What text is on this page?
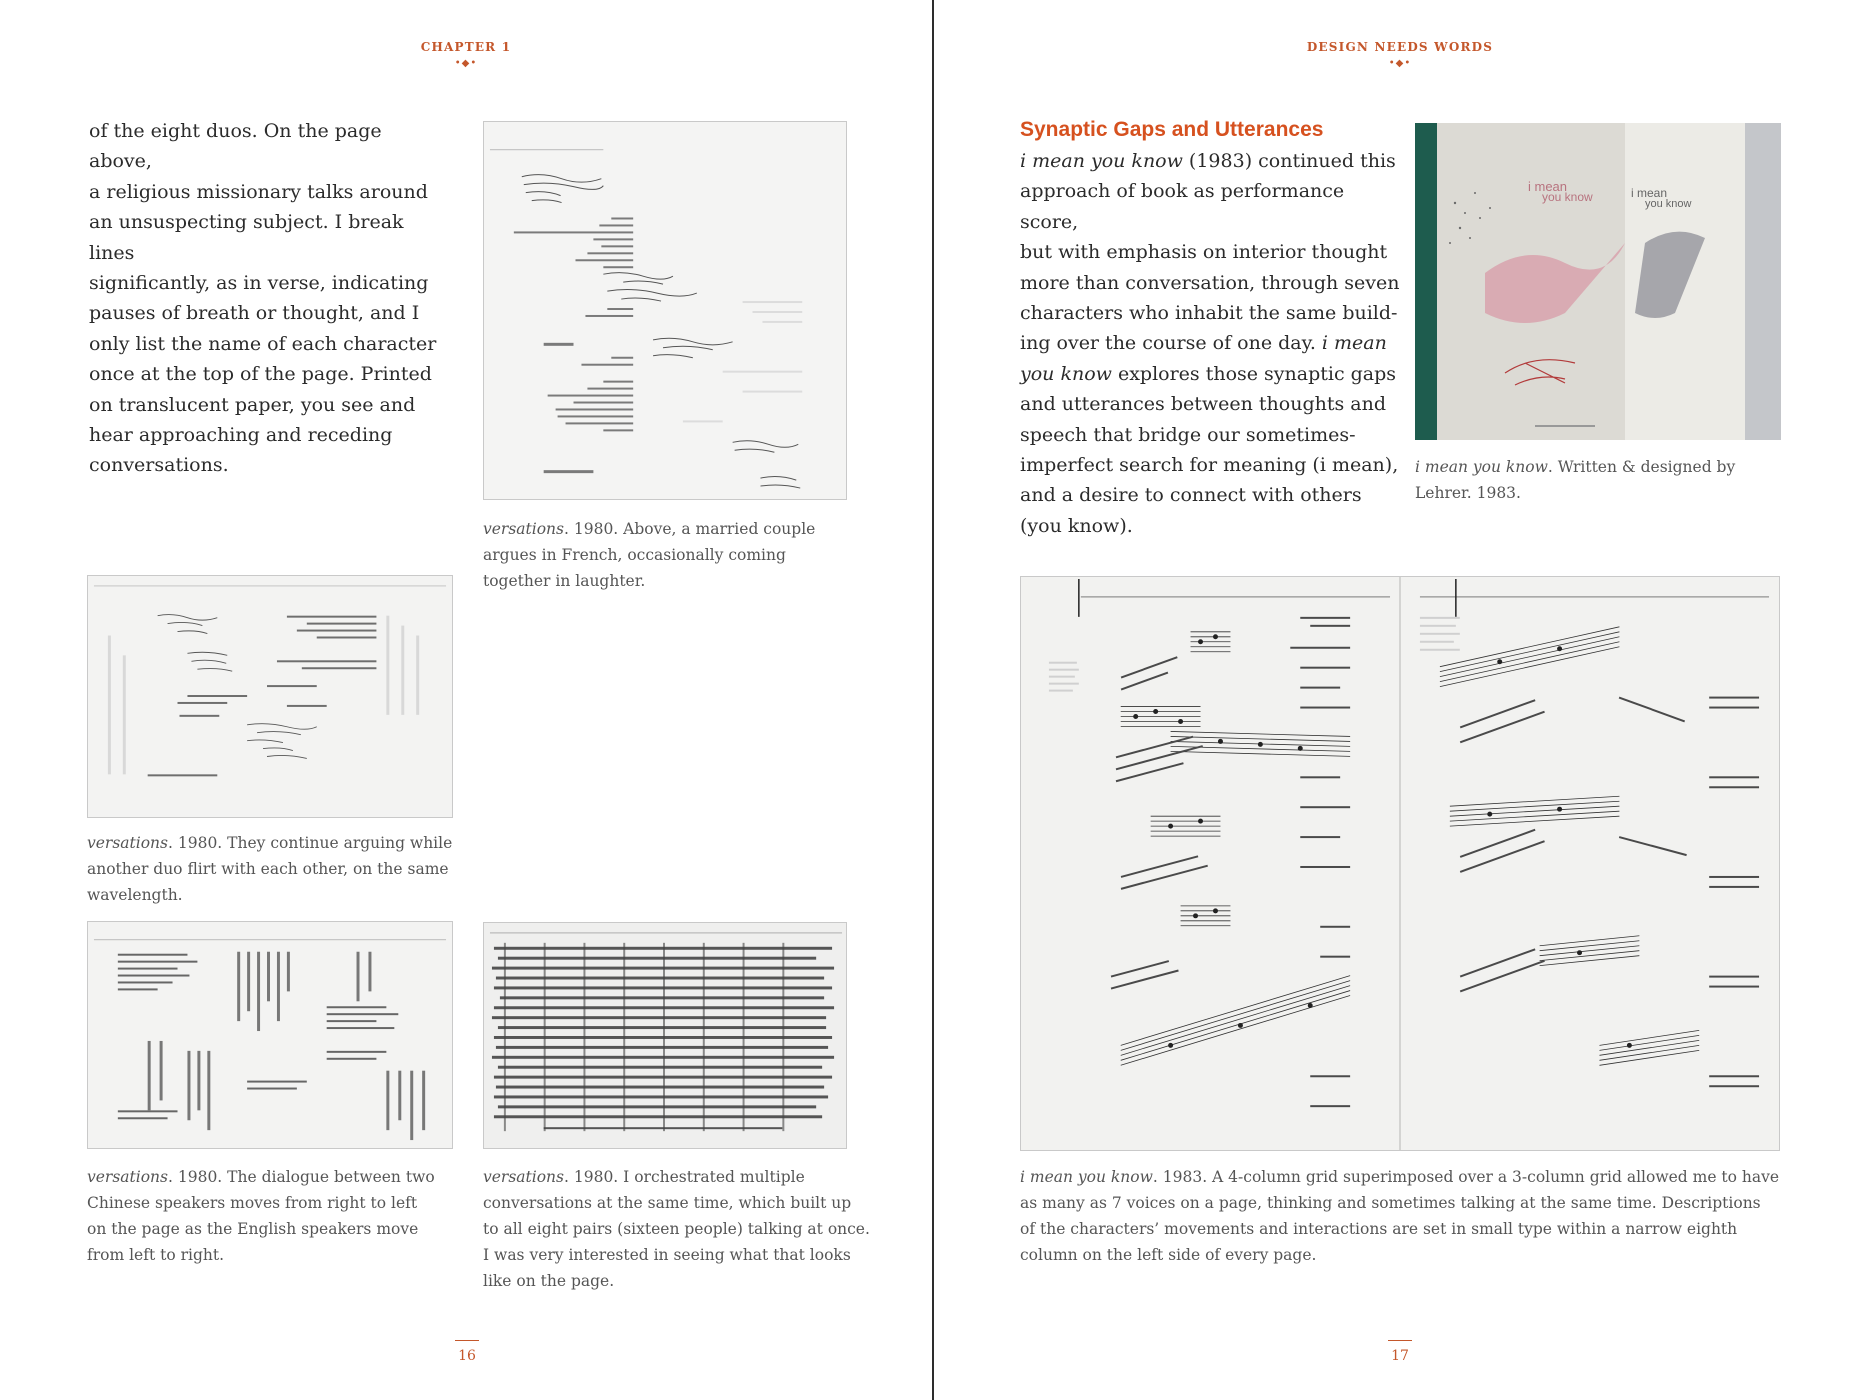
CHAPTER 1
•◆•
of the eight duos. On the page above,
a religious missionary talks around
an unsuspecting subject. I break lines
significantly, as in verse, indicating
pauses of breath or thought, and I
only list the name of each character
once at the top of the page. Printed
on translucent paper, you see and
hear approaching and receding
conversations.
versations. 1980. Above, a married couple
argues in French, occasionally coming
together in laughter.
versations. 1980. They continue arguing while
another duo flirt with each other, on the same
wavelength.
versations. 1980. The dialogue between two
Chinese speakers moves from right to left
on the page as the English speakers move
from left to right.
versations. 1980. I orchestrated multiple
conversations at the same time, which built up
to all eight pairs (sixteen people) talking at once.
I was very interested in seeing what that looks
like on the page.
16
DESIGN NEEDS WORDS
•◆•
Synaptic Gaps and Utterances
i mean you know (1983) continued this
approach of book as performance score,
but with emphasis on interior thought
more than conversation, through seven
characters who inhabit the same build-
ing over the course of one day. i mean
you know explores those synaptic gaps
and utterances between thoughts and
speech that bridge our sometimes-
imperfect search for meaning (i mean),
and a desire to connect with others
(you know).
i mean
you know	i mean
you know
i mean you know. Written & designed by
Lehrer. 1983.
i mean you know. 1983. A 4-column grid superimposed over a 3-column grid allowed me to have
as many as 7 voices on a page, thinking and sometimes talking at the same time. Descriptions
of the characters’ movements and interactions are set in small type within a narrow eighth
column on the left side of every page.
17
